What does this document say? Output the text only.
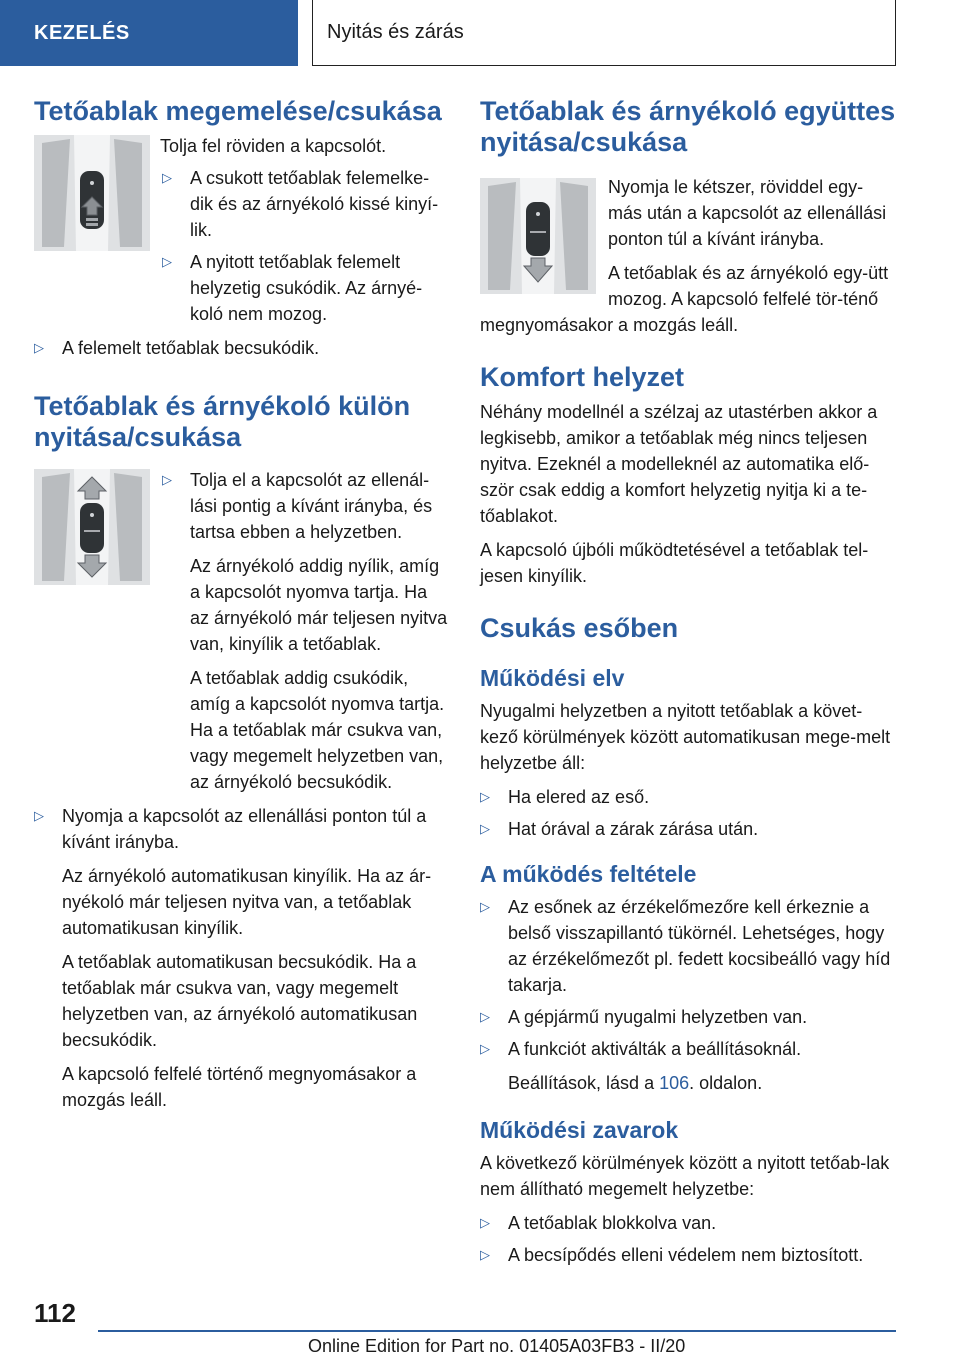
KEZELÉS	Nyitás és zárás
Tetőablak megemelése/csukása

Tolja fel röviden a kapcsolót.

▷	A csukott tetőablak felemelke-dik és az árnyékoló kissé kinyí-lik.
▷	A nyitott tetőablak felemelt helyzetig csukódik. Az árnyé-koló nem mozog.
▷	A felemelt tetőablak becsukódik.
Tetőablak és árnyékoló külön nyitása/csukása
▷	Tolja el a kapcsolót az ellenál-lási pontig a kívánt irányba, és tartsa ebben a helyzetben.

Az árnyékoló addig nyílik, amíg a kapcsolót nyomva tartja. Ha az árnyékoló már teljesen nyitva van, kinyílik a tetőablak.

A tetőablak addig csukódik, amíg a kapcsolót nyomva tartja. Ha a tetőablak már csukva van, vagy megemelt helyzetben van, az árnyékoló becsukódik.

▷	Nyomja a kapcsolót az ellenállási ponton túl a kívánt irányba.

Az árnyékoló automatikusan kinyílik. Ha az ár-nyékoló már teljesen nyitva van, a tetőablak automatikusan kinyílik.

A tetőablak automatikusan becsukódik. Ha a tetőablak már csukva van, vagy megemelt helyzetben van, az árnyékoló automatikusan becsukódik.

A kapcsoló felfelé történő megnyomásakor a mozgás leáll.

Tetőablak és árnyékoló együttes nyitása/csukása

Nyomja le kétszer, röviddel egy-más után a kapcsolót az ellenállási ponton túl a kívánt irányba.

A tetőablak és az árnyékoló egy-ütt mozog. A kapcsoló felfelé tör-ténő megnyomásakor a mozgás leáll.

Komfort helyzet

Néhány modellnél a szélzaj az utastérben akkor a legkisebb, amikor a tetőablak még nincs teljesen nyitva. Ezeknél a modelleknél az automatika elő-ször csak eddig a komfort helyzetig nyitja ki a te-tőablakot.

A kapcsoló újbóli működtetésével a tetőablak tel-jesen kinyílik.

Csukás esőben
Működési elv

Nyugalmi helyzetben a nyitott tetőablak a követ-kező körülmények között automatikusan mege-melt helyzetbe áll:

▷	Ha elered az eső.
▷	Hat órával a zárak zárása után.
A működés feltétele
▷	Az esőnek az érzékelőmezőre kell érkeznie a belső visszapillantó tükörnél. Lehetséges, hogy az érzékelőmezőt pl. fedett kocsibeálló vagy híd takarja.
▷	A gépjármű nyugalmi helyzetben van.
▷	A funkciót aktiválták a beállításoknál.

Beállítások, lásd a 106. oldalon.

Működési zavarok

A következő körülmények között a nyitott tetőab-lak nem állítható megemelt helyzetbe:

▷	A tetőablak blokkolva van.
▷	A becsípődés elleni védelem nem biztosított.
112
Online Edition for Part no. 01405A03FB3 - II/20
